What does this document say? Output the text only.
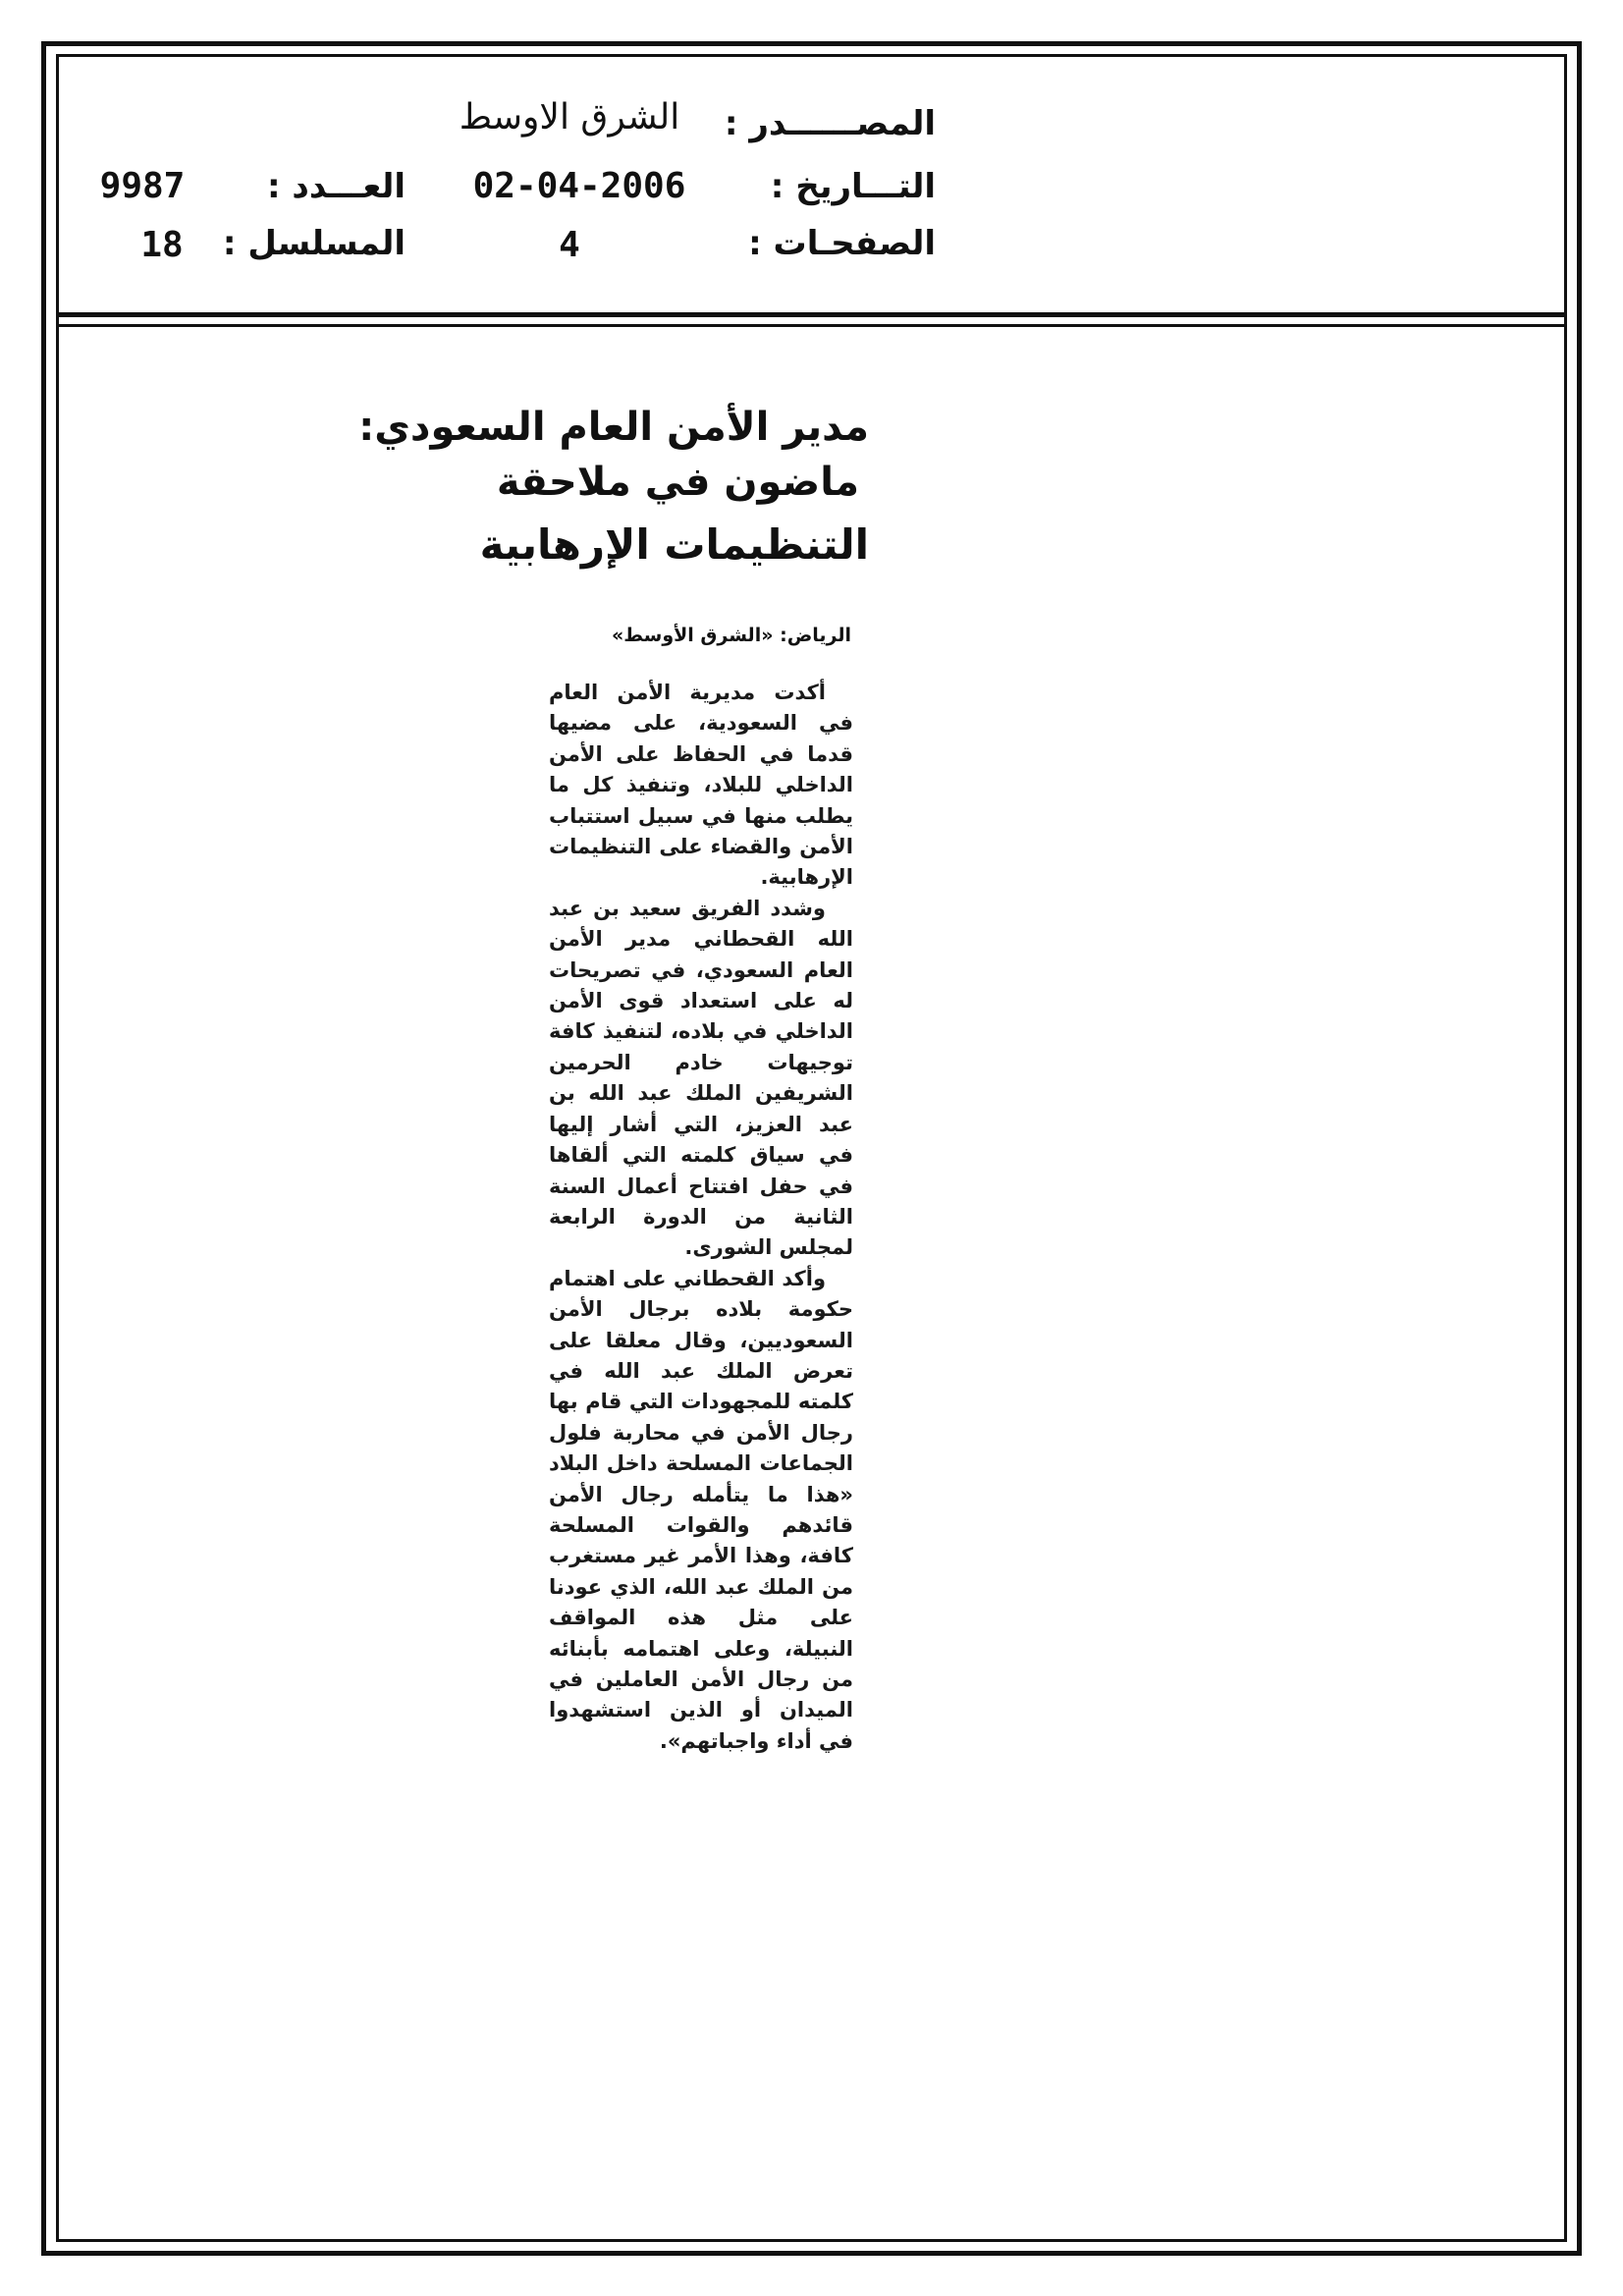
المصــــــدر :
الشرق الاوسط
التـــاريخ :
02-04-2006
العـــدد :
9987
الصفحـات :
4
المسلسل :
18
مدير الأمن العام السعودي:
ماضون في ملاحقة
التنظيمات الإرهابية
الرياض: «الشرق الأوسط»

أكدت مديرية الأمن العام في السعودية، على مضيها قدما في الحفاظ على الأمن الداخلي للبلاد، وتنفيذ كل ما يطلب منها في سبيل استتباب الأمن والقضاء على التنظيمات الإرهابية.

وشدد الفريق سعيد بن عبد الله القحطاني مدير الأمن العام السعودي، في تصريحات له على استعداد قوى الأمن الداخلي في بلاده، لتنفيذ كافة توجيهات خادم الحرمين الشريفين الملك عبد الله بن عبد العزيز، التي أشار إليها في سياق كلمته التي ألقاها في حفل افتتاح أعمال السنة الثانية من الدورة الرابعة لمجلس الشورى.

وأكد القحطاني على اهتمام حكومة بلاده برجال الأمن السعوديين، وقال معلقا على تعرض الملك عبد الله في كلمته للمجهودات التي قام بها رجال الأمن في محاربة فلول الجماعات المسلحة داخل البلاد «هذا ما يتأمله رجال الأمن قائدهم والقوات المسلحة كافة، وهذا الأمر غير مستغرب من الملك عبد الله، الذي عودنا على مثل هذه المواقف النبيلة، وعلى اهتمامه بأبنائه من رجال الأمن العاملين في الميدان أو الذين استشهدوا في أداء واجباتهم».
